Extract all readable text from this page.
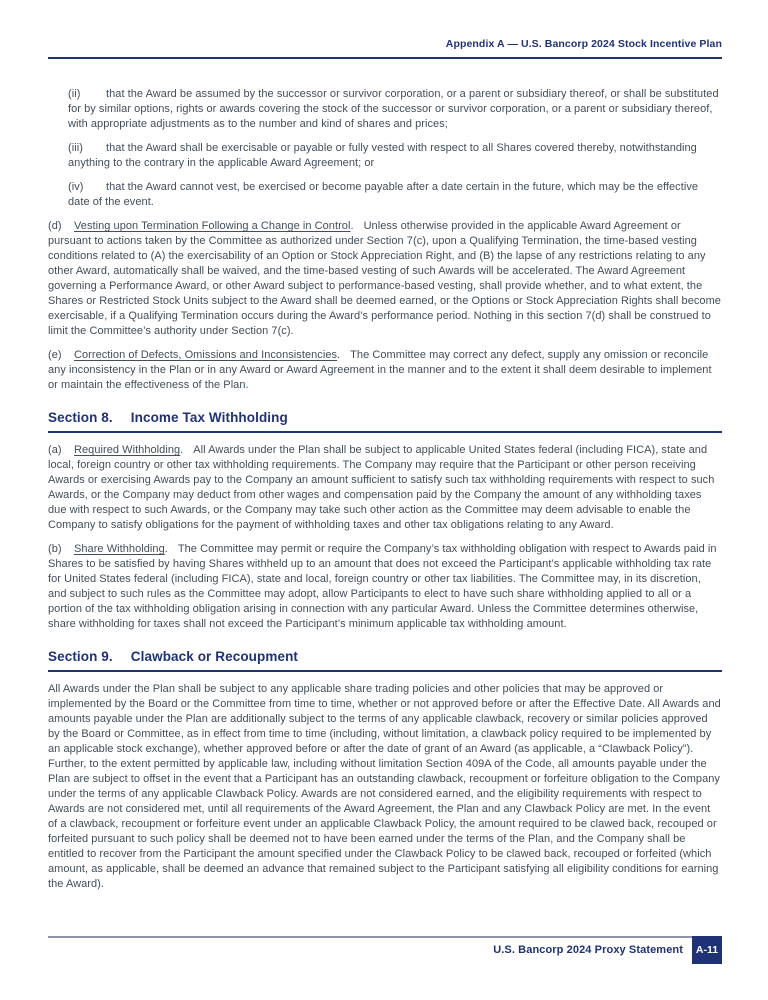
Appendix A — U.S. Bancorp 2024 Stock Incentive Plan

(ii) that the Award be assumed by the successor or survivor corporation, or a parent or subsidiary thereof, or shall be substituted for by similar options, rights or awards covering the stock of the successor or survivor corporation, or a parent or subsidiary thereof, with appropriate adjustments as to the number and kind of shares and prices;

(iii) that the Award shall be exercisable or payable or fully vested with respect to all Shares covered thereby, notwithstanding anything to the contrary in the applicable Award Agreement; or

(iv) that the Award cannot vest, be exercised or become payable after a date certain in the future, which may be the effective date of the event.

(d) Vesting upon Termination Following a Change in Control. Unless otherwise provided in the applicable Award Agreement or pursuant to actions taken by the Committee as authorized under Section 7(c), upon a Qualifying Termination, the time-based vesting conditions related to (A) the exercisability of an Option or Stock Appreciation Right, and (B) the lapse of any restrictions relating to any other Award, automatically shall be waived, and the time-based vesting of such Awards will be accelerated. The Award Agreement governing a Performance Award, or other Award subject to performance-based vesting, shall provide whether, and to what extent, the Shares or Restricted Stock Units subject to the Award shall be deemed earned, or the Options or Stock Appreciation Rights shall become exercisable, if a Qualifying Termination occurs during the Award’s performance period. Nothing in this section 7(d) shall be construed to limit the Committee’s authority under Section 7(c).

(e) Correction of Defects, Omissions and Inconsistencies. The Committee may correct any defect, supply any omission or reconcile any inconsistency in the Plan or in any Award or Award Agreement in the manner and to the extent it shall deem desirable to implement or maintain the effectiveness of the Plan.

Section 8. Income Tax Withholding

(a) Required Withholding. All Awards under the Plan shall be subject to applicable United States federal (including FICA), state and local, foreign country or other tax withholding requirements. The Company may require that the Participant or other person receiving Awards or exercising Awards pay to the Company an amount sufficient to satisfy such tax withholding requirements with respect to such Awards, or the Company may deduct from other wages and compensation paid by the Company the amount of any withholding taxes due with respect to such Awards, or the Company may take such other action as the Committee may deem advisable to enable the Company to satisfy obligations for the payment of withholding taxes and other tax obligations relating to any Award.

(b) Share Withholding. The Committee may permit or require the Company’s tax withholding obligation with respect to Awards paid in Shares to be satisfied by having Shares withheld up to an amount that does not exceed the Participant’s applicable withholding tax rate for United States federal (including FICA), state and local, foreign country or other tax liabilities. The Committee may, in its discretion, and subject to such rules as the Committee may adopt, allow Participants to elect to have such share withholding applied to all or a portion of the tax withholding obligation arising in connection with any particular Award. Unless the Committee determines otherwise, share withholding for taxes shall not exceed the Participant’s minimum applicable tax withholding amount.

Section 9. Clawback or Recoupment

All Awards under the Plan shall be subject to any applicable share trading policies and other policies that may be approved or implemented by the Board or the Committee from time to time, whether or not approved before or after the Effective Date. All Awards and amounts payable under the Plan are additionally subject to the terms of any applicable clawback, recovery or similar policies approved by the Board or Committee, as in effect from time to time (including, without limitation, a clawback policy required to be implemented by an applicable stock exchange), whether approved before or after the date of grant of an Award (as applicable, a “Clawback Policy”). Further, to the extent permitted by applicable law, including without limitation Section 409A of the Code, all amounts payable under the Plan are subject to offset in the event that a Participant has an outstanding clawback, recoupment or forfeiture obligation to the Company under the terms of any applicable Clawback Policy. Awards are not considered earned, and the eligibility requirements with respect to Awards are not considered met, until all requirements of the Award Agreement, the Plan and any Clawback Policy are met. In the event of a clawback, recoupment or forfeiture event under an applicable Clawback Policy, the amount required to be clawed back, recouped or forfeited pursuant to such policy shall be deemed not to have been earned under the terms of the Plan, and the Company shall be entitled to recover from the Participant the amount specified under the Clawback Policy to be clawed back, recouped or forfeited (which amount, as applicable, shall be deemed an advance that remained subject to the Participant satisfying all eligibility conditions for earning the Award).

U.S. Bancorp 2024 Proxy Statement	A-11
